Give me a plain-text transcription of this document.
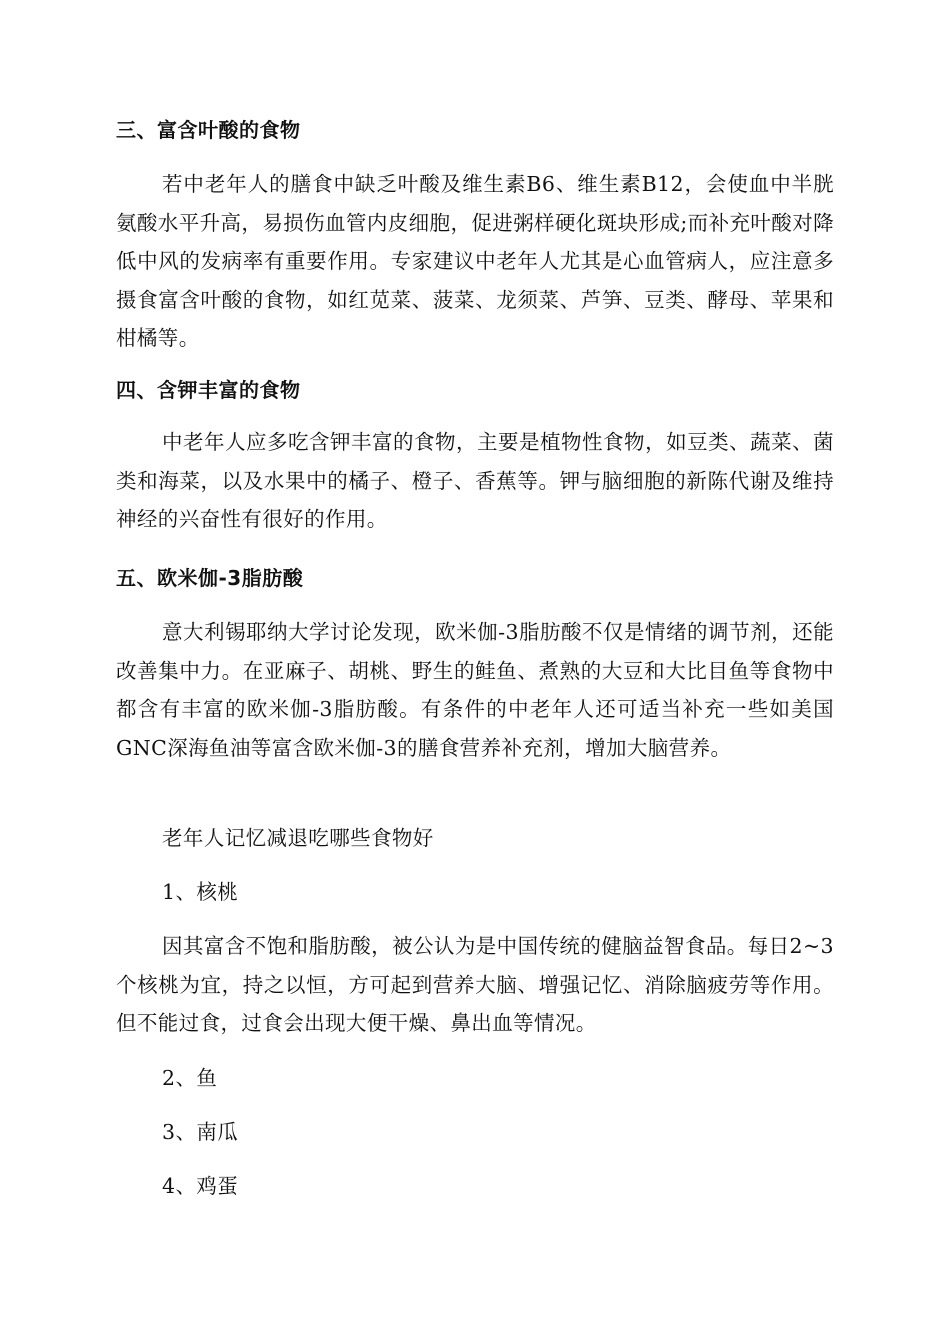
三、富含叶酸的食物

若中老年人的膳食中缺乏叶酸及维生素B6、维生素B12，会使血中半胱氨酸水平升高，易损伤血管内皮细胞，促进粥样硬化斑块形成;而补充叶酸对降低中风的发病率有重要作用。专家建议中老年人尤其是心血管病人，应注意多摄食富含叶酸的食物，如红苋菜、菠菜、龙须菜、芦笋、豆类、酵母、苹果和柑橘等。

四、含钾丰富的食物

中老年人应多吃含钾丰富的食物，主要是植物性食物，如豆类、蔬菜、菌类和海菜，以及水果中的橘子、橙子、香蕉等。钾与脑细胞的新陈代谢及维持神经的兴奋性有很好的作用。

五、欧米伽-3脂肪酸

意大利锡耶纳大学讨论发现，欧米伽-3脂肪酸不仅是情绪的调节剂，还能改善集中力。在亚麻子、胡桃、野生的鲑鱼、煮熟的大豆和大比目鱼等食物中都含有丰富的欧米伽-3脂肪酸。有条件的中老年人还可适当补充一些如美国GNC深海鱼油等富含欧米伽-3的膳食营养补充剂，增加大脑营养。

老年人记忆减退吃哪些食物好

1、核桃

因其富含不饱和脂肪酸，被公认为是中国传统的健脑益智食品。每日2~3个核桃为宜，持之以恒，方可起到营养大脑、增强记忆、消除脑疲劳等作用。但不能过食，过食会出现大便干燥、鼻出血等情况。

2、鱼

3、南瓜

4、鸡蛋
